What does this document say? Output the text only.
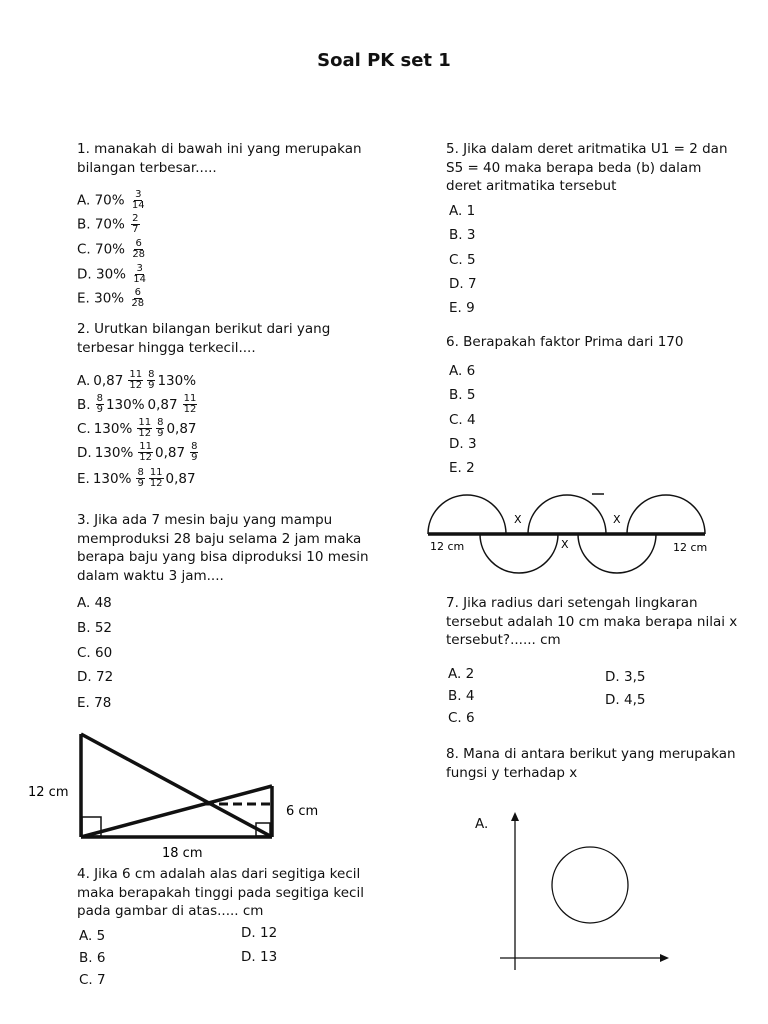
Soal PK set 1
1. manakah di bawah ini yang merupakan bilangan terbesar.....
A. $70\% \frac{3}{14}$
B. $70\% \frac{2}{7}$
C. $70\% \frac{6}{28}$
D. $30\% \frac{3}{14}$
E. $30\% \frac{6}{28}$
2. Urutkan bilangan berikut dari yang terbesar hingga terkecil....
A. $0,87 \frac{11}{12} \frac{8}{9} 130\%$
B. $\frac{8}{9} 130\%$ $0,87 \frac{11}{12}$
C. $130\% \frac{11}{12} \frac{8}{9} 0,87$
D. $130\% \frac{11}{12} 0,87 \frac{8}{9}$
E. $130\% \frac{8}{9} \frac{11}{12} 0,87$
3. Jika ada 7 mesin baju yang mampu memproduksi 28 baju selama 2 jam maka berapa baju yang bisa diproduksi 10 mesin dalam waktu 3 jam....
A. 48
B. 52
C. 60
D. 72
E. 78
12 cm
6 cm
18 cm
4. Jika 6 cm adalah alas dari segitiga kecil maka berapakah tinggi pada segitiga kecil pada gambar di atas..... cm
A. 5
B. 6
C. 7
D. 12
D. 13
5. Jika dalam deret aritmatika U1 = 2 dan S5 = 40 maka berapa beda (b) dalam deret aritmatika tersebut
A. 1
B. 3
C. 5
D. 7
E. 9
6. Berapakah faktor Prima dari 170
A. 6
B. 5
C. 4
D. 3
E. 2
X	X
X
12 cm	12 cm
7. Jika radius dari setengah lingkaran tersebut adalah 10 cm maka berapa nilai x tersebut?...... cm
A. 2
B. 4
C. 6
D. 3,5
D. 4,5
8. Mana di antara berikut yang merupakan fungsi y terhadap x
A.
